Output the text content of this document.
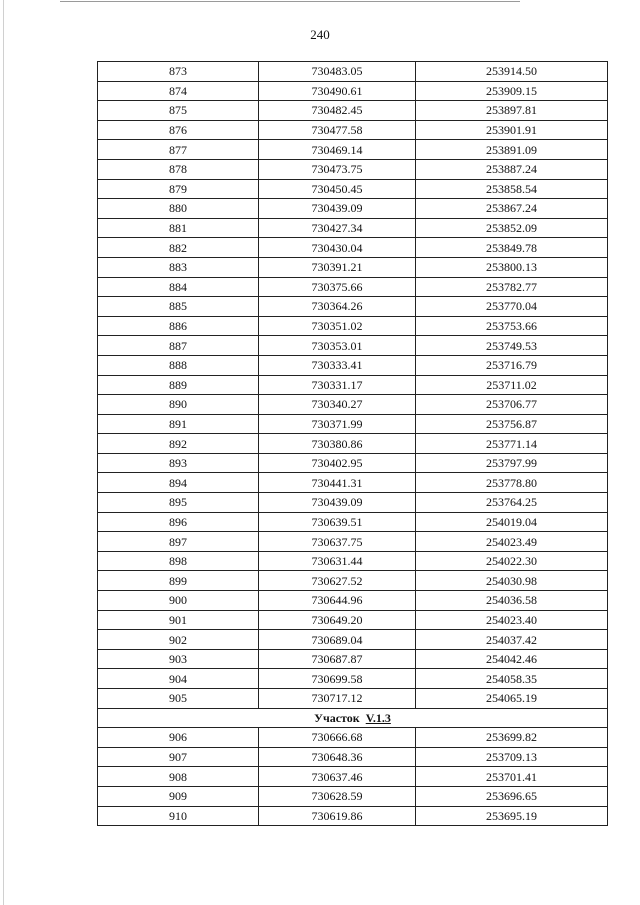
240
873	730483.05	253914.50
874	730490.61	253909.15
875	730482.45	253897.81
876	730477.58	253901.91
877	730469.14	253891.09
878	730473.75	253887.24
879	730450.45	253858.54
880	730439.09	253867.24
881	730427.34	253852.09
882	730430.04	253849.78
883	730391.21	253800.13
884	730375.66	253782.77
885	730364.26	253770.04
886	730351.02	253753.66
887	730353.01	253749.53
888	730333.41	253716.79
889	730331.17	253711.02
890	730340.27	253706.77
891	730371.99	253756.87
892	730380.86	253771.14
893	730402.95	253797.99
894	730441.31	253778.80
895	730439.09	253764.25
896	730639.51	254019.04
897	730637.75	254023.49
898	730631.44	254022.30
899	730627.52	254030.98
900	730644.96	254036.58
901	730649.20	254023.40
902	730689.04	254037.42
903	730687.87	254042.46
904	730699.58	254058.35
905	730717.12	254065.19
Участок V.1.3		
906	730666.68	253699.82
907	730648.36	253709.13
908	730637.46	253701.41
909	730628.59	253696.65
910	730619.86	253695.19
